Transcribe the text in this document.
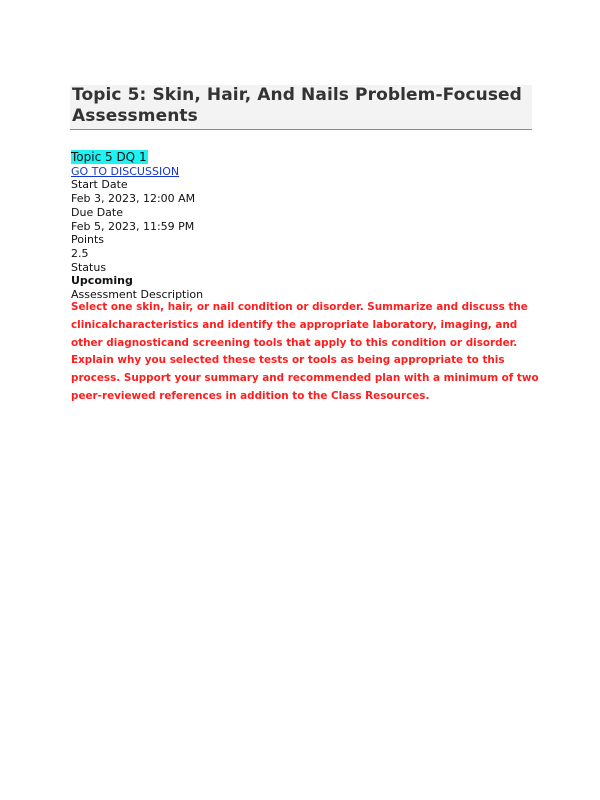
Topic 5: Skin, Hair, And Nails Problem-Focused Assessments
Topic 5 DQ 1
GO TO DISCUSSION
Start Date
Feb 3, 2023, 12:00 AM
Due Date
Feb 5, 2023, 11:59 PM
Points
2.5
Status
Upcoming
Assessment Description

Select one skin, hair, or nail condition or disorder. Summarize and discuss the clinicalcharacteristics and identify the appropriate laboratory, imaging, and other diagnosticand screening tools that apply to this condition or disorder. Explain why you selected these tests or tools as being appropriate to this process. Support your summary and recommended plan with a minimum of two peer-reviewed references in addition to the Class Resources.
